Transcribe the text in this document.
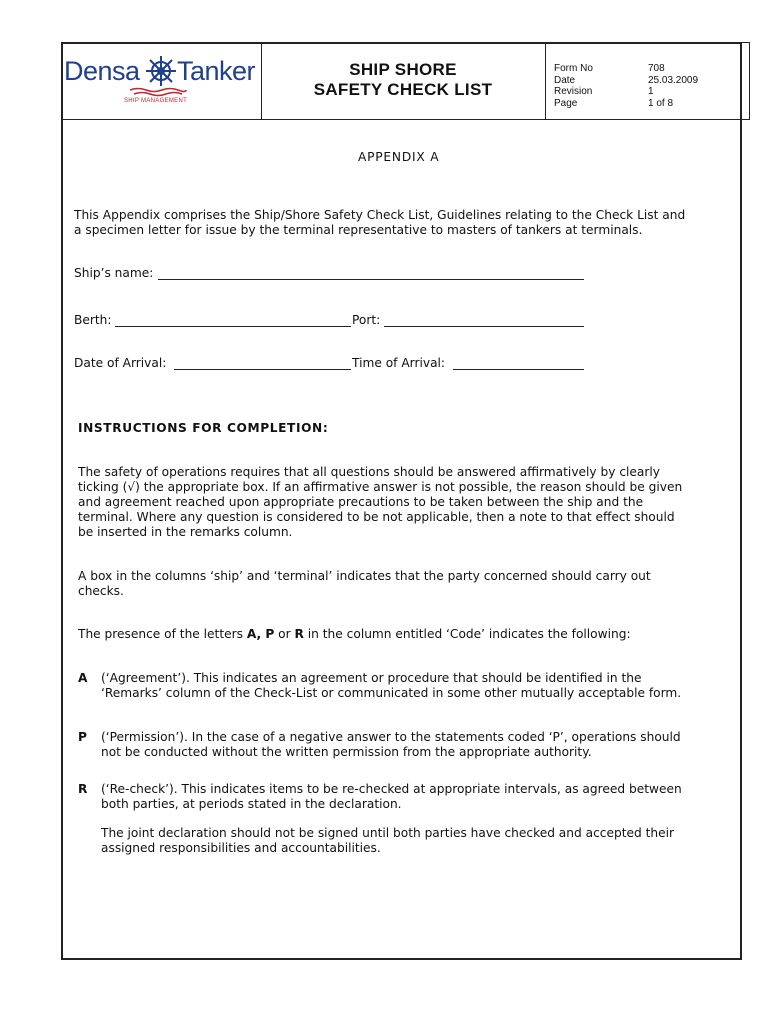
Densa Tanker
SHIP MANAGEMENT
SHIP SHORE
SAFETY CHECK LIST
Form No	708
Date	25.03.2009
Revision	1
Page	1 of 8
APPENDIX A
This Appendix comprises the Ship/Shore Safety Check List, Guidelines relating to the Check List and
a specimen letter for issue by the terminal representative to masters of tankers at terminals.
Ship’s name:
Berth:	Port:
Date of Arrival:	Time of Arrival:
INSTRUCTIONS FOR COMPLETION:
The safety of operations requires that all questions should be answered affirmatively by clearly
ticking (√) the appropriate box. If an affirmative answer is not possible, the reason should be given
and agreement reached upon appropriate precautions to be taken between the ship and the
terminal. Where any question is considered to be not applicable, then a note to that effect should
be inserted in the remarks column.
A box in the columns ‘ship’ and ‘terminal’ indicates that the party concerned should carry out
checks.
The presence of the letters A, P or R in the column entitled ‘Code’ indicates the following:
A (‘Agreement’). This indicates an agreement or procedure that should be identified in the
‘Remarks’ column of the Check-List or communicated in some other mutually acceptable form.
P (‘Permission’). In the case of a negative answer to the statements coded ‘P’, operations should
not be conducted without the written permission from the appropriate authority.
R (‘Re-check’). This indicates items to be re-checked at appropriate intervals, as agreed between
both parties, at periods stated in the declaration.
The joint declaration should not be signed until both parties have checked and accepted their
assigned responsibilities and accountabilities.
